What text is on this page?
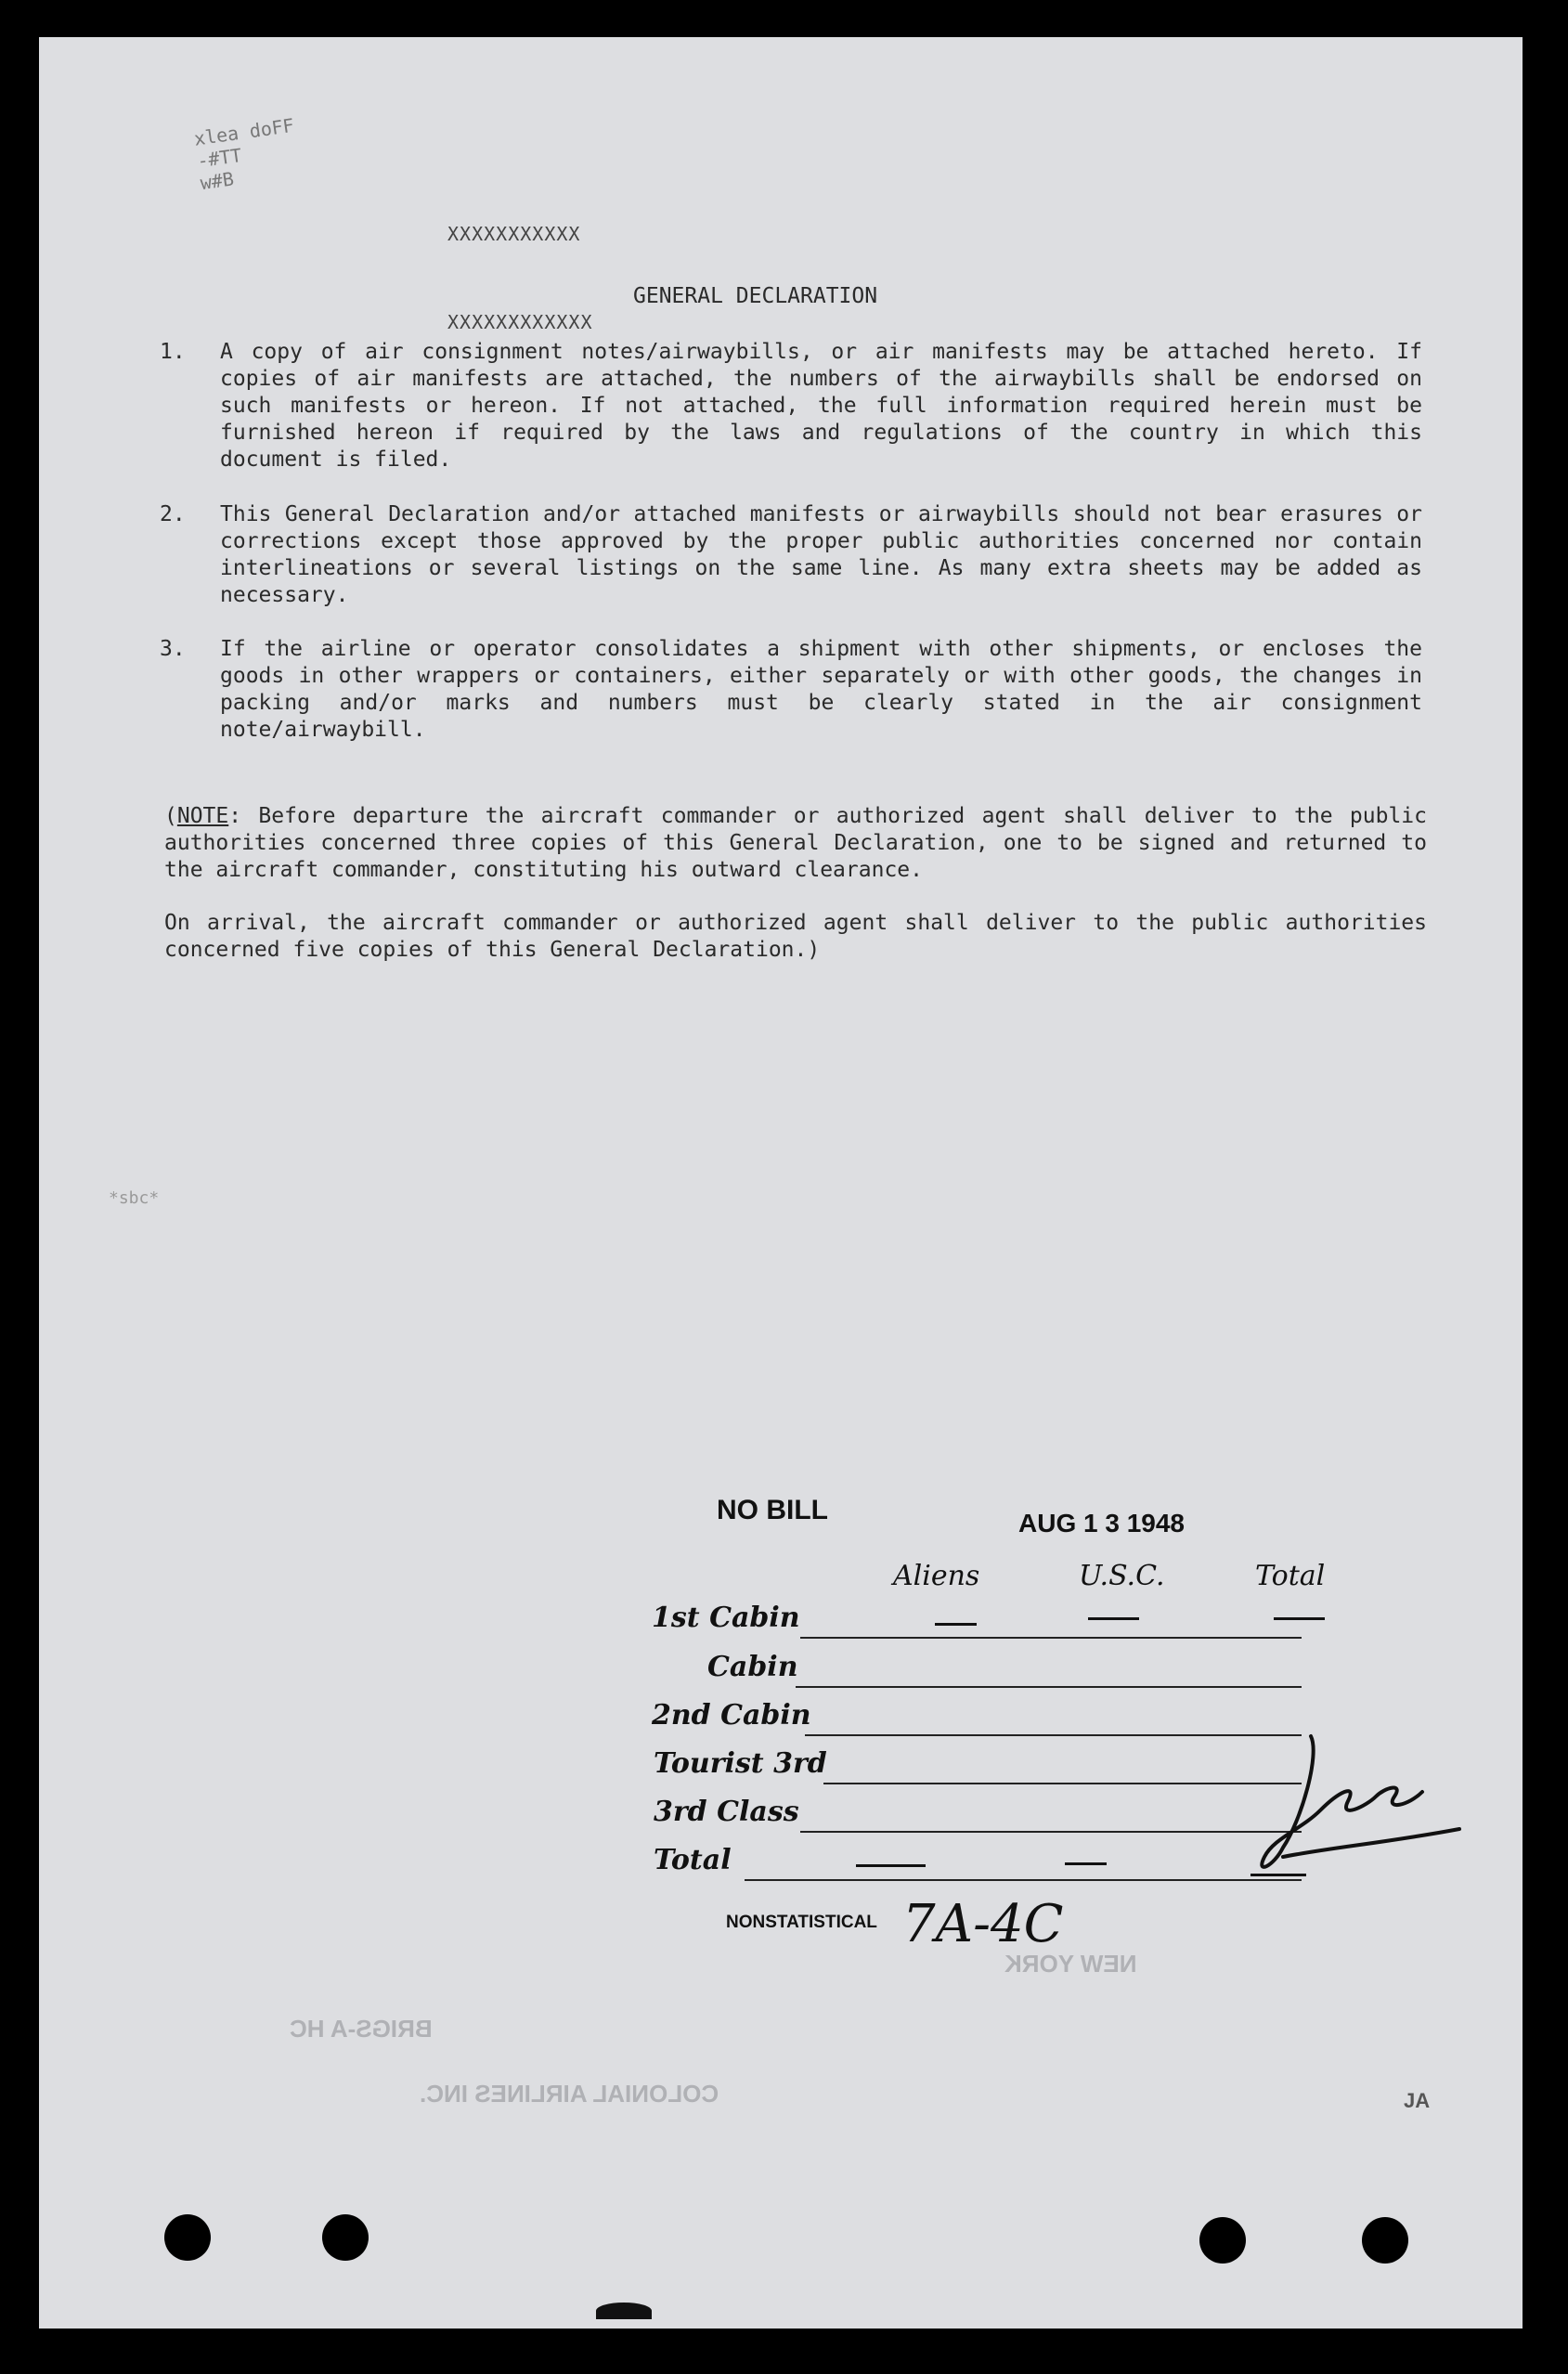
xlea doFF
-#TT
w#B
XXXXXXXXXXX
GENERAL DECLARATION
XXXXXXXXXXXX
1.	A copy of air consignment notes/airwaybills, or air manifests may be attached hereto. If copies of air manifests are attached, the numbers of the airwaybills shall be endorsed on such manifests or hereon. If not attached, the full information required herein must be furnished hereon if required by the laws and regulations of the country in which this document is filed.
2.	This General Declaration and/or attached manifests or airwaybills should not bear erasures or corrections except those approved by the proper public authorities concerned nor contain interlineations or several listings on the same line. As many extra sheets may be added as necessary.
3.	If the airline or operator consolidates a shipment with other shipments, or encloses the goods in other wrappers or containers, either separately or with other goods, the changes in packing and/or marks and numbers must be clearly stated in the air consignment note/airwaybill.
(NOTE: Before departure the aircraft commander or authorized agent shall deliver to the public authorities concerned three copies of this General Declaration, one to be signed and returned to the aircraft commander, constituting his outward clearance.
On arrival, the aircraft commander or authorized agent shall deliver to the public authorities concerned five copies of this General Declaration.)
*sbc*
NO BILL	AUG 1 3 1948
Aliens	U.S.C.	Total
1st Cabin
Cabin
2nd Cabin
Tourist 3rd
3rd Class
Total
NONSTATISTICAL 7A-4C
BRIGS-A HC
COLONIAL AIRLINES INC.
NEW YORK
JA
